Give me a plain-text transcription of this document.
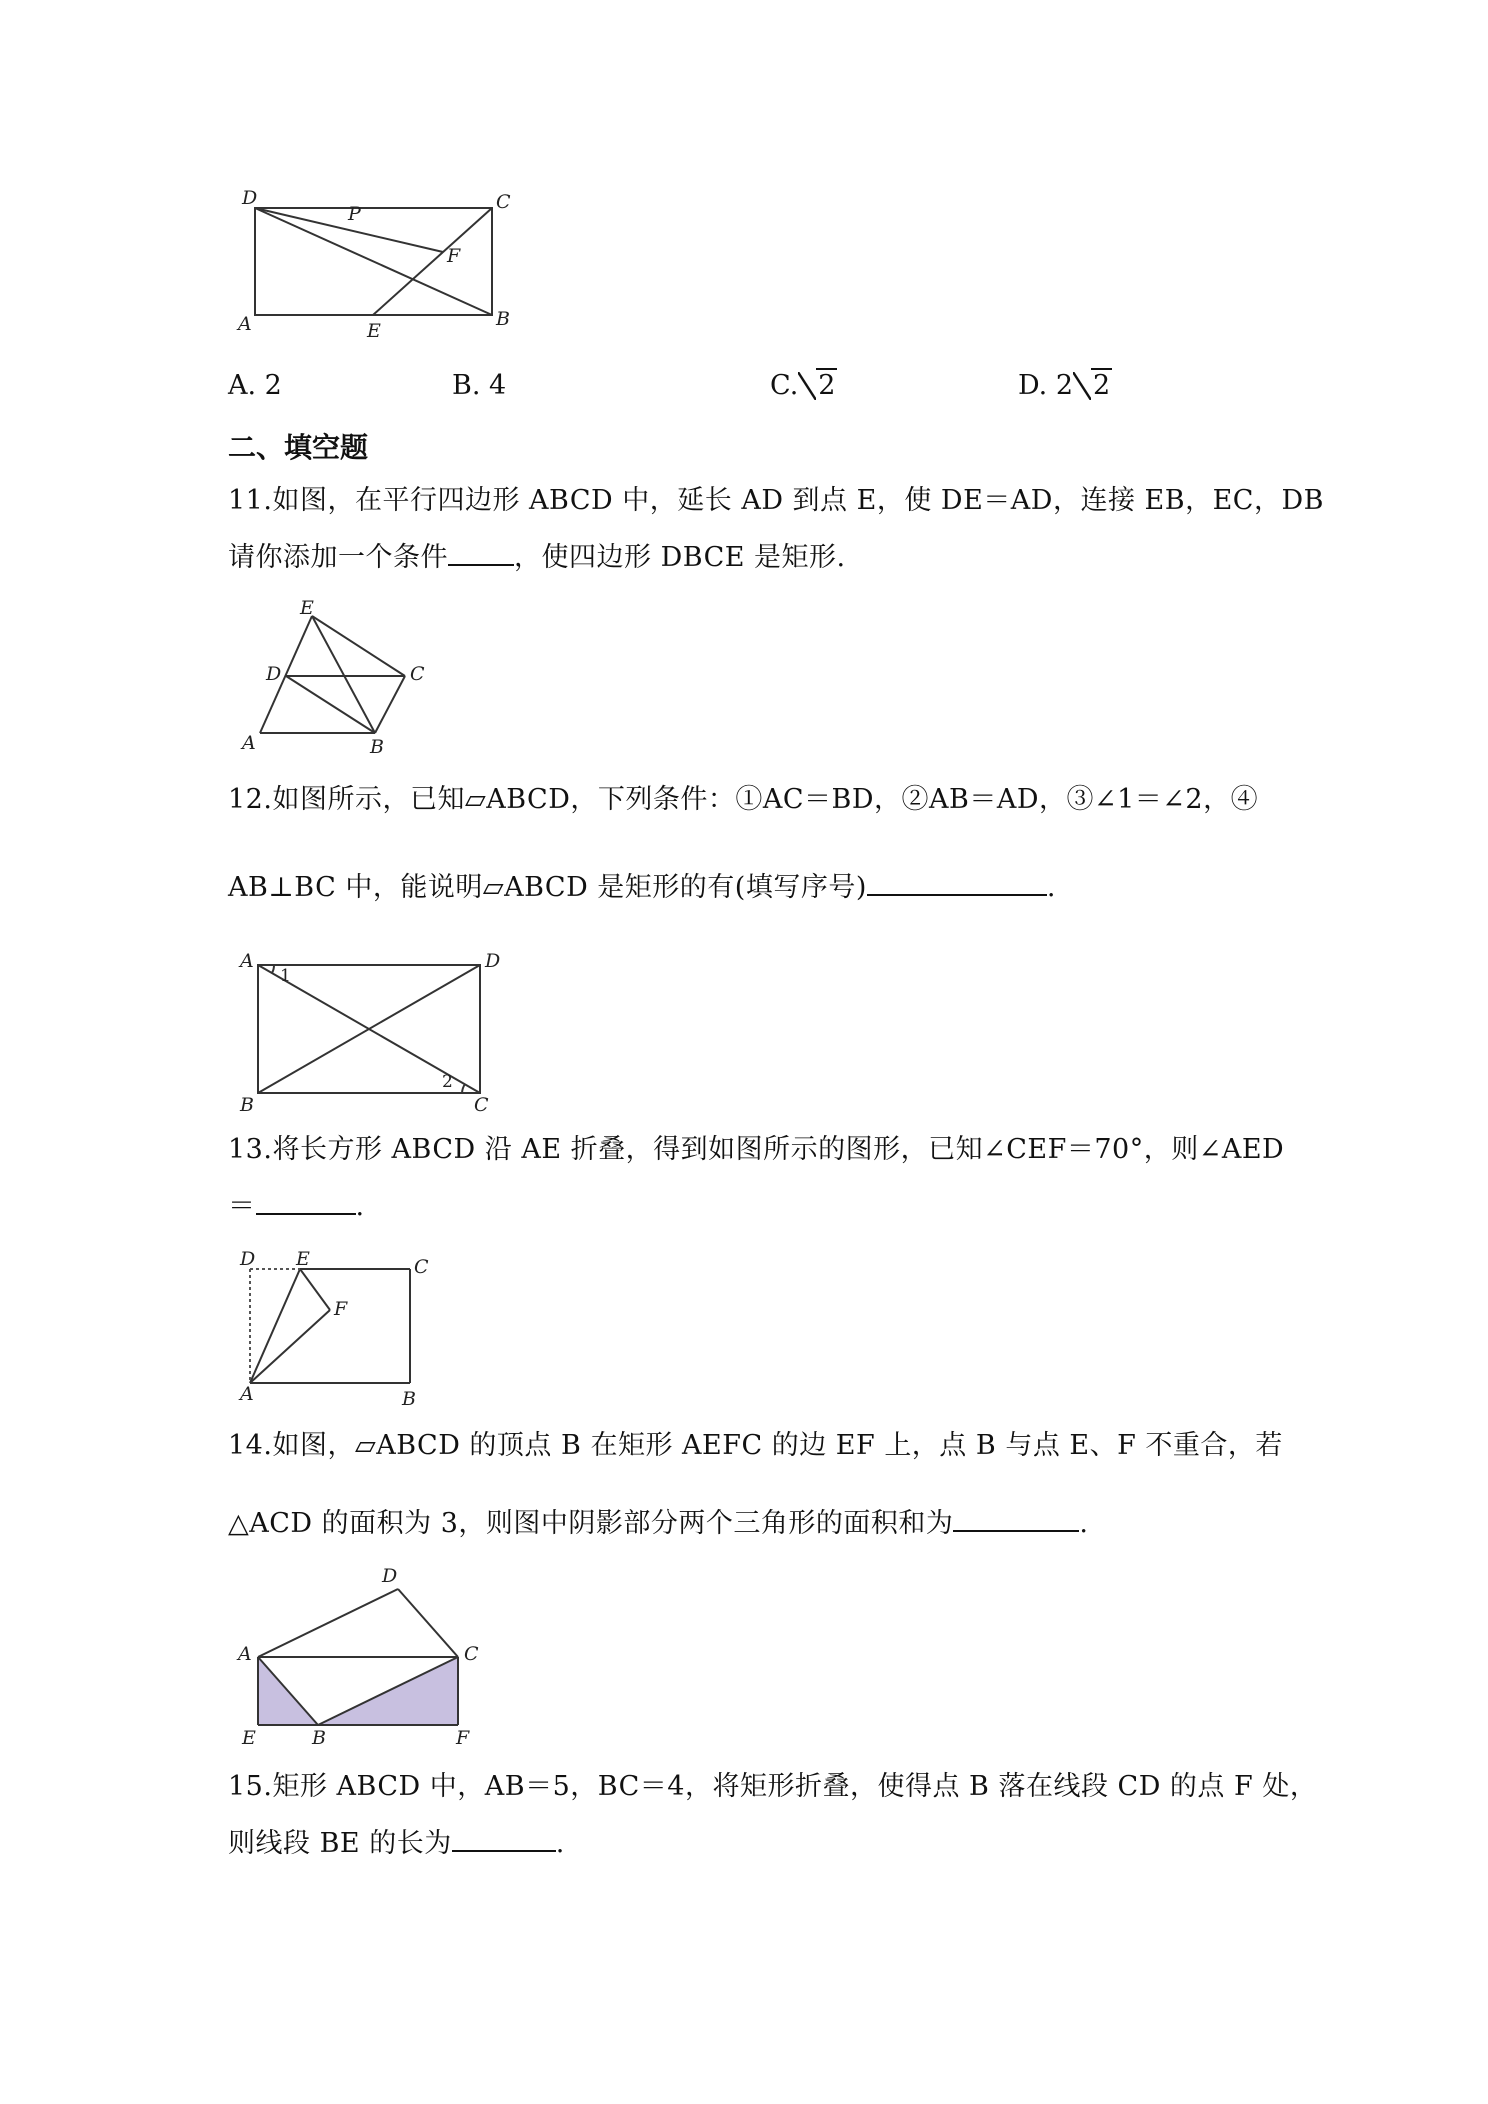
D	C
P
F
A	E
B
A. 2	B. 4	C. 2	D. 2 2
二、填空题
11.如图，在平行四边形 ABCD 中，延长 AD 到点 E，使 DE＝AD，连接 EB，EC，DB
请你添加一个条件 ，使四边形 DBCE 是矩形.
E
D	C
A	B
12.如图所示，已知▱ABCD，下列条件：①AC＝BD，②AB＝AD，③∠1＝∠2，④
AB⊥BC 中，能说明▱ABCD 是矩形的有(填写序号)	.
A	D
B	C
1
2
13.将长方形 ABCD 沿 AE 折叠，得到如图所示的图形，已知∠CEF＝70°，则∠AED
＝	.
D E	C
F
A	B
14.如图，▱ABCD 的顶点 B 在矩形 AEFC 的边 EF 上，点 B 与点 E、F 不重合，若
△ACD 的面积为 3，则图中阴影部分两个三角形的面积和为	.
D
A	C
E	B	F
15.矩形 ABCD 中，AB＝5，BC＝4，将矩形折叠，使得点 B 落在线段 CD 的点 F 处，
则线段 BE 的长为	.
